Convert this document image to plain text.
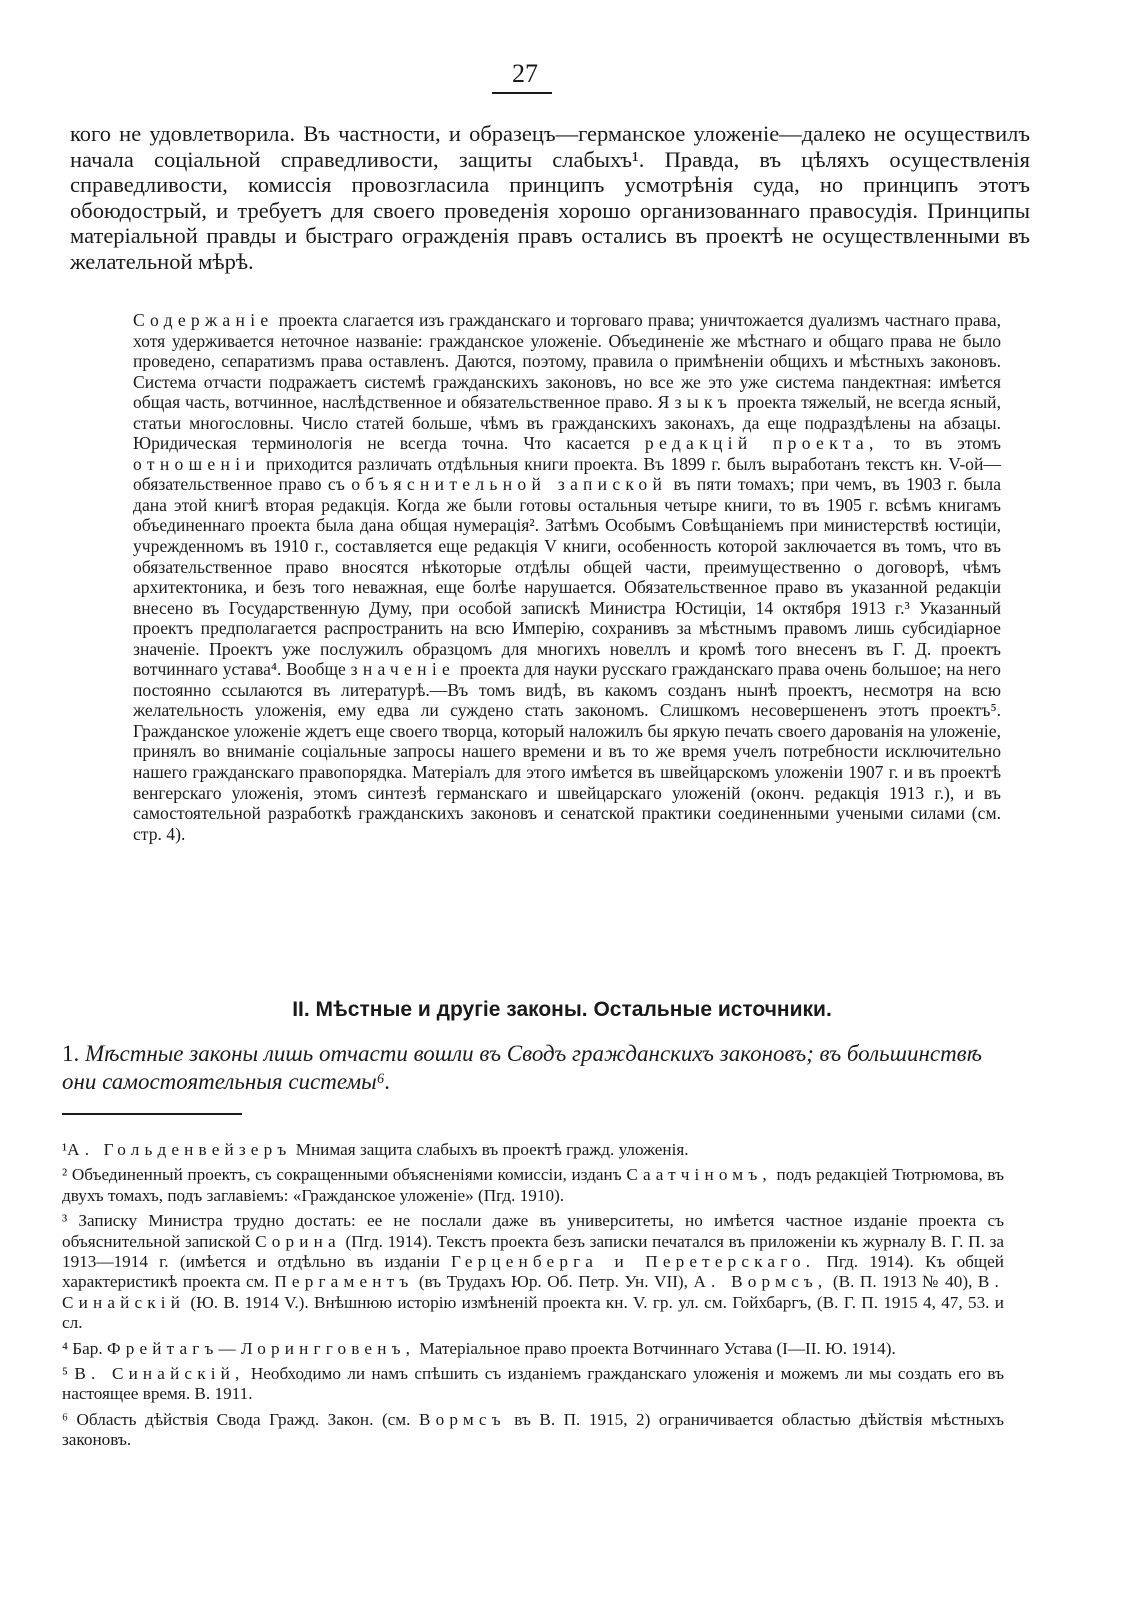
27

кого не удовлетворила. Въ частности, и образецъ—германское уложеніе—далеко не осуществилъ начала соціальной справедливости, защиты слабыхъ¹. Правда, въ цѣляхъ осуществленія справедливости, комиссія провозгласила принципъ усмотрѣнія суда, но принципъ этотъ обоюдострый, и требуетъ для своего проведенія хорошо организованнаго правосудія. Принципы матеріальной правды и быстраго огражденія правъ остались въ проектѣ не осуществленными въ желательной мѣрѣ.

Содержаніе проекта слагается изъ гражданскаго и торговаго права; уничтожается дуализмъ частнаго права, хотя удерживается неточное названіе: гражданское уложеніе. Объединеніе же мѣстнаго и общаго права не было проведено, сепаратизмъ права оставленъ. Даются, поэтому, правила о примѣненіи общихъ и мѣстныхъ законовъ. Система отчасти подражаетъ системѣ гражданскихъ законовъ, но все же это уже система пандектная: имѣется общая часть, вотчинное, наслѣдственное и обязательственное право. Языкъ проекта тяжелый, не всегда ясный, статьи многословны. Число статей больше, чѣмъ въ гражданскихъ законахъ, да еще подраздѣлены на абзацы. Юридическая терминологія не всегда точна. Что касается редакцій проекта, то въ этомъ отношеніи приходится различать отдѣльныя книги проекта. Въ 1899 г. былъ выработанъ текстъ кн. V-ой—обязательственное право съ объяснительной запиской въ пяти томахъ; при чемъ, въ 1903 г. была дана этой книгѣ вторая редакція. Когда же были готовы остальныя четыре книги, то въ 1905 г. всѣмъ книгамъ объединеннаго проекта была дана общая нумерація². Затѣмъ Особымъ Совѣщаніемъ при министерствѣ юстиціи, учрежденномъ въ 1910 г., составляется еще редакція V книги, особенность которой заключается въ томъ, что въ обязательственное право вносятся нѣкоторые отдѣлы общей части, преимущественно о договорѣ, чѣмъ архитектоника, и безъ того неважная, еще болѣе нарушается. Обязательственное право въ указанной редакціи внесено въ Государственную Думу, при особой запискѣ Министра Юстиціи, 14 октября 1913 г.³ Указанный проектъ предполагается распространить на всю Имперію, сохранивъ за мѣстнымъ правомъ лишь субсидіарное значеніе. Проектъ уже послужилъ образцомъ для многихъ новеллъ и кромѣ того внесенъ въ Г. Д. проектъ вотчиннаго устава⁴. Вообще значеніе проекта для науки русскаго гражданскаго права очень большое; на него постоянно ссылаются въ литературѣ.—Въ томъ видѣ, въ какомъ созданъ нынѣ проектъ, несмотря на всю желательность уложенія, ему едва ли суждено стать закономъ. Слишкомъ несовершененъ этотъ проектъ⁵. Гражданское уложеніе ждетъ еще своего творца, который наложилъ бы яркую печать своего дарованія на уложеніе, принялъ во вниманіе соціальные запросы нашего времени и въ то же время учелъ потребности исключительно нашего гражданскаго правопорядка. Матеріалъ для этого имѣется въ швейцарскомъ уложеніи 1907 г. и въ проектѣ венгерскаго уложенія, этомъ синтезѣ германскаго и швейцарскаго уложеній (оконч. редакція 1913 г.), и въ самостоятельной разработкѣ гражданскихъ законовъ и сенатской практики соединенными учеными силами (см. стр. 4).

II. Мѣстные и другіе законы. Остальные источники.

1. Мѣстные законы лишь отчасти вошли въ Сводъ гражданскихъ законовъ; въ большинствѣ они самостоятельныя системы⁶.

¹А. Гольденвейзеръ Мнимая защита слабыхъ въ проектѣ гражд. уложенія.

² Объединенный проектъ, съ сокращенными объясненіями комиссіи, изданъ Саатчіномъ, подъ редакціей Тютрюмова, въ двухъ томахъ, подъ заглавіемъ: «Гражданское уложеніе» (Пгд. 1910).

³ Записку Министра трудно достать: ее не послали даже въ университеты, но имѣется частное изданіе проекта съ объяснительной запиской Сорина (Пгд. 1914). Текстъ проекта безъ записки печатался въ приложеніи къ журналу В. Г. П. за 1913—1914 г. (имѣется и отдѣльно въ изданіи Герценберга и Перетерскаго. Пгд. 1914). Къ общей характеристикѣ проекта см. Пергаментъ (въ Трудахъ Юр. Об. Петр. Ун. VII), А. Вормсъ, (В. П. 1913 № 40), В. Синайскій (Ю. В. 1914 V.). Внѣшнюю исторію измѣненій проекта кн. V. гр. ул. см. Гойхбаргъ, (В. Г. П. 1915 4, 47, 53. и сл.

⁴ Бар. Фрейтагъ—Лорингговенъ, Матеріальное право проекта Вотчиннаго Устава (I—II. Ю. 1914).

⁵ В. Синайскій, Необходимо ли намъ спѣшить съ изданіемъ гражданскаго уложенія и можемъ ли мы создать его въ настоящее время. В. 1911.

⁶ Область дѣйствія Свода Гражд. Закон. (см. Вормсъ въ В. П. 1915, 2) ограничивается областью дѣйствія мѣстныхъ законовъ.
